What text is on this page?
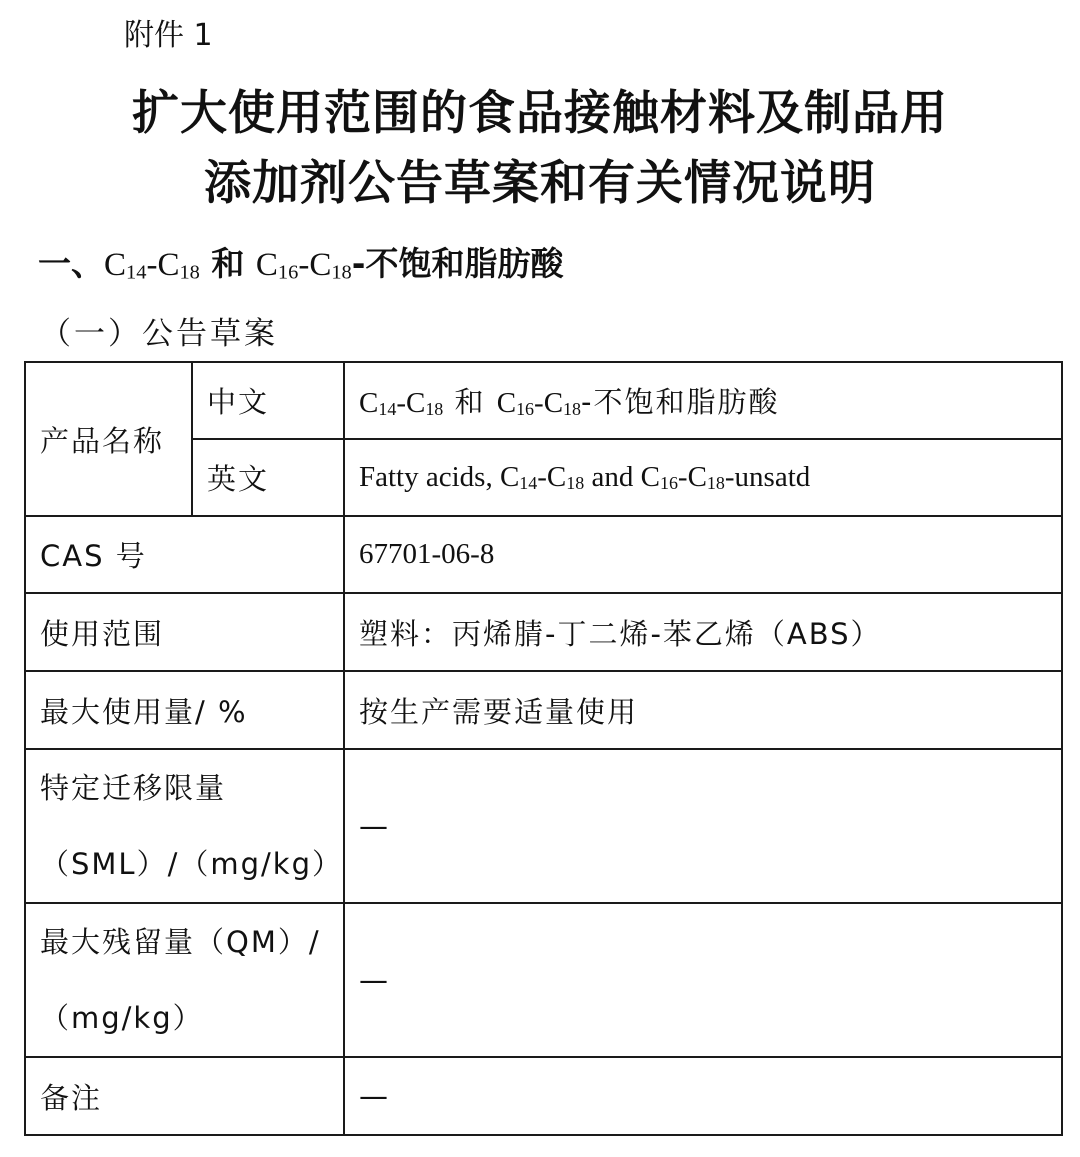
附件 1
扩大使用范围的食品接触材料及制品用
添加剂公告草案和有关情况说明
一、$C_{14}-C_{18}$ 和 $C_{16}-C_{18}-$不饱和脂肪酸
（一）公告草案
产品名称	中文	$C_{14}-C_{18}$ 和 $C_{16}-C_{18}-$不饱和脂肪酸
	英文	Fatty acids, $C_{14}-C_{18}$ and $C_{16}-C_{18}$-unsatd
CAS 号		67701-06-8
使用范围		塑料：丙烯腈-丁二烯-苯乙烯（ABS）
最大使用量/ %		按生产需要适量使用

特定迁移限量
（SML）/（mg/kg）		—

最大残留量（QM）/
（mg/kg）		—
备注		—
